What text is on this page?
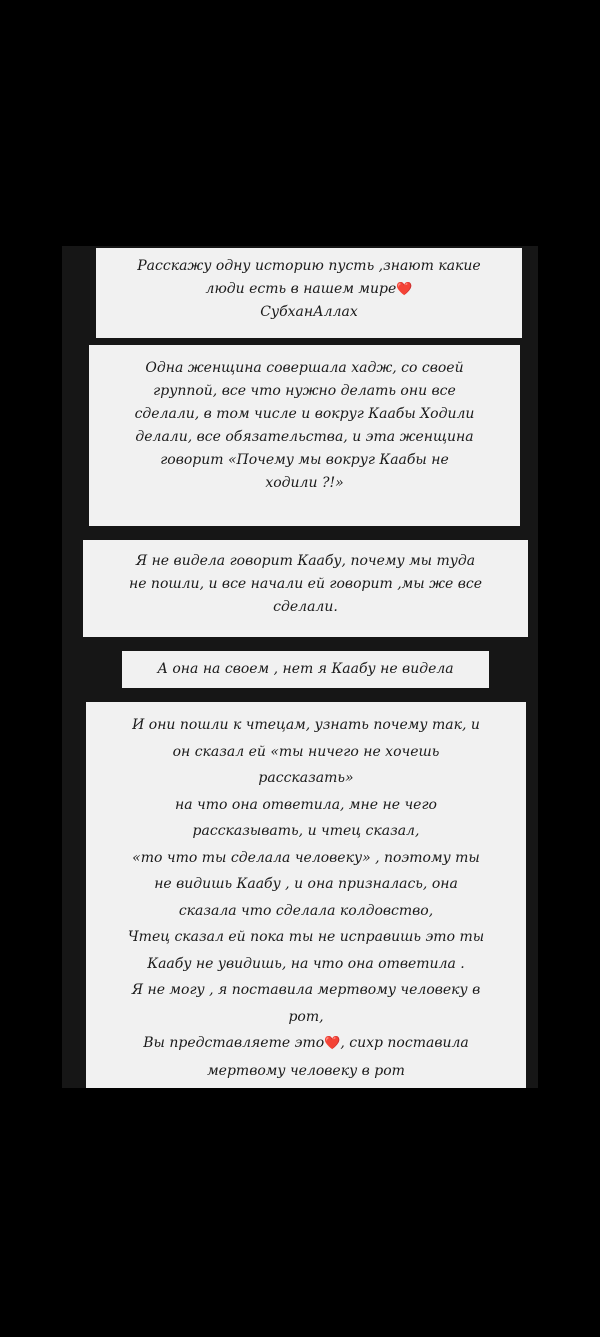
Расскажу одну историю пусть ,знают какие
люди есть в нашем мире❤️
СубханАллах
Одна женщина совершала хадж, со своей
группой, все что нужно делать они все
сделали, в том числе и вокруг Каабы Ходили
делали, все обязательства, и эта женщина
говорит «Почему мы вокруг Каабы не
ходили ?!»
Я не видела говорит Каабу, почему мы туда
не пошли, и все начали ей говорит ,мы же все
сделали.
А она на своем , нет я Каабу не видела
И они пошли к чтецам, узнать почему так, и
он сказал ей «ты ничего не хочешь
рассказать»
на что она ответила, мне не чего
рассказывать, и чтец сказал,
«то что ты сделала человеку» , поэтому ты
не видишь Каабу , и она призналась, она
сказала что сделала колдовство,
Чтец сказал ей пока ты не исправишь это ты
Каабу не увидишь, на что она ответила .
Я не могу , я поставила мертвому человеку в
рот,
Вы представляете это❤️, сихр поставила
мертвому человеку в рот
